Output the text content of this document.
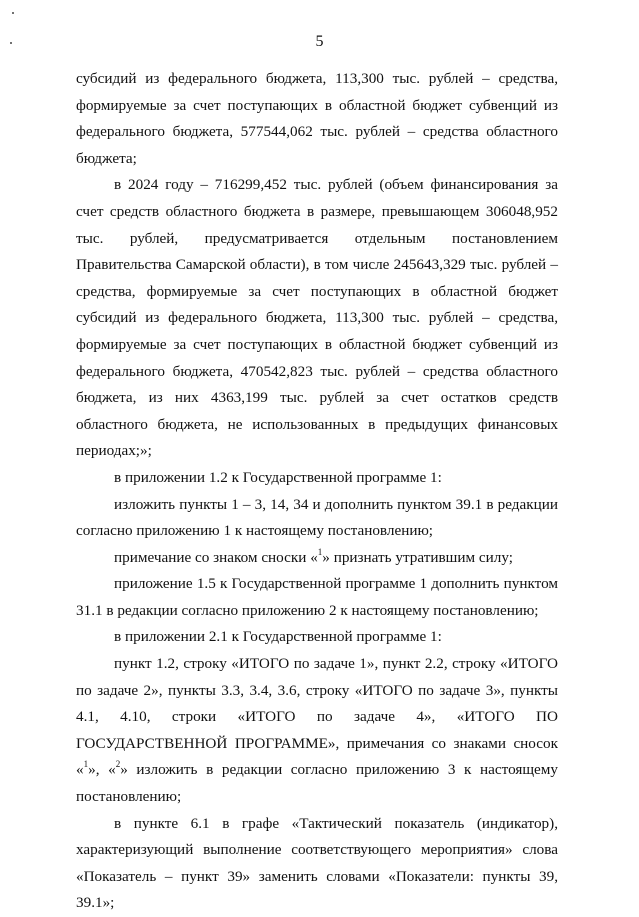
5

субсидий из федерального бюджета, 113,300 тыс. рублей – средства, формируемые за счет поступающих в областной бюджет субвенций из федерального бюджета, 577544,062 тыс. рублей – средства областного бюджета;

в 2024 году – 716299,452 тыс. рублей (объем финансирования за счет средств областного бюджета в размере, превышающем 306048,952 тыс. рублей, предусматривается отдельным постановлением Правительства Самарской области), в том числе 245643,329 тыс. рублей – средства, формируемые за счет поступающих в областной бюджет субсидий из федерального бюджета, 113,300 тыс. рублей – средства, формируемые за счет поступающих в областной бюджет субвенций из федерального бюджета, 470542,823 тыс. рублей – средства областного бюджета, из них 4363,199 тыс. рублей за счет остатков средств областного бюджета, не использованных в предыдущих финансовых периодах;»;

в приложении 1.2 к Государственной программе 1:

изложить пункты 1 – 3, 14, 34 и дополнить пунктом 39.1 в редакции согласно приложению 1 к настоящему постановлению;

примечание со знаком сноски «$^1$» признать утратившим силу;

приложение 1.5 к Государственной программе 1 дополнить пунктом 31.1 в редакции согласно приложению 2 к настоящему постановлению;

в приложении 2.1 к Государственной программе 1:

пункт 1.2, строку «ИТОГО по задаче 1», пункт 2.2, строку «ИТОГО по задаче 2», пункты 3.3, 3.4, 3.6, строку «ИТОГО по задаче 3», пункты 4.1, 4.10, строки «ИТОГО по задаче 4», «ИТОГО ПО ГОСУДАРСТВЕННОЙ ПРОГРАММЕ», примечания со знаками сносок «$^1$», «$^2$» изложить в редакции согласно приложению 3 к настоящему постановлению;

в пункте 6.1 в графе «Тактический показатель (индикатор), характеризующий выполнение соответствующего мероприятия» слова «Показатель – пункт 39» заменить словами «Показатели: пункты 39, 39.1»;
